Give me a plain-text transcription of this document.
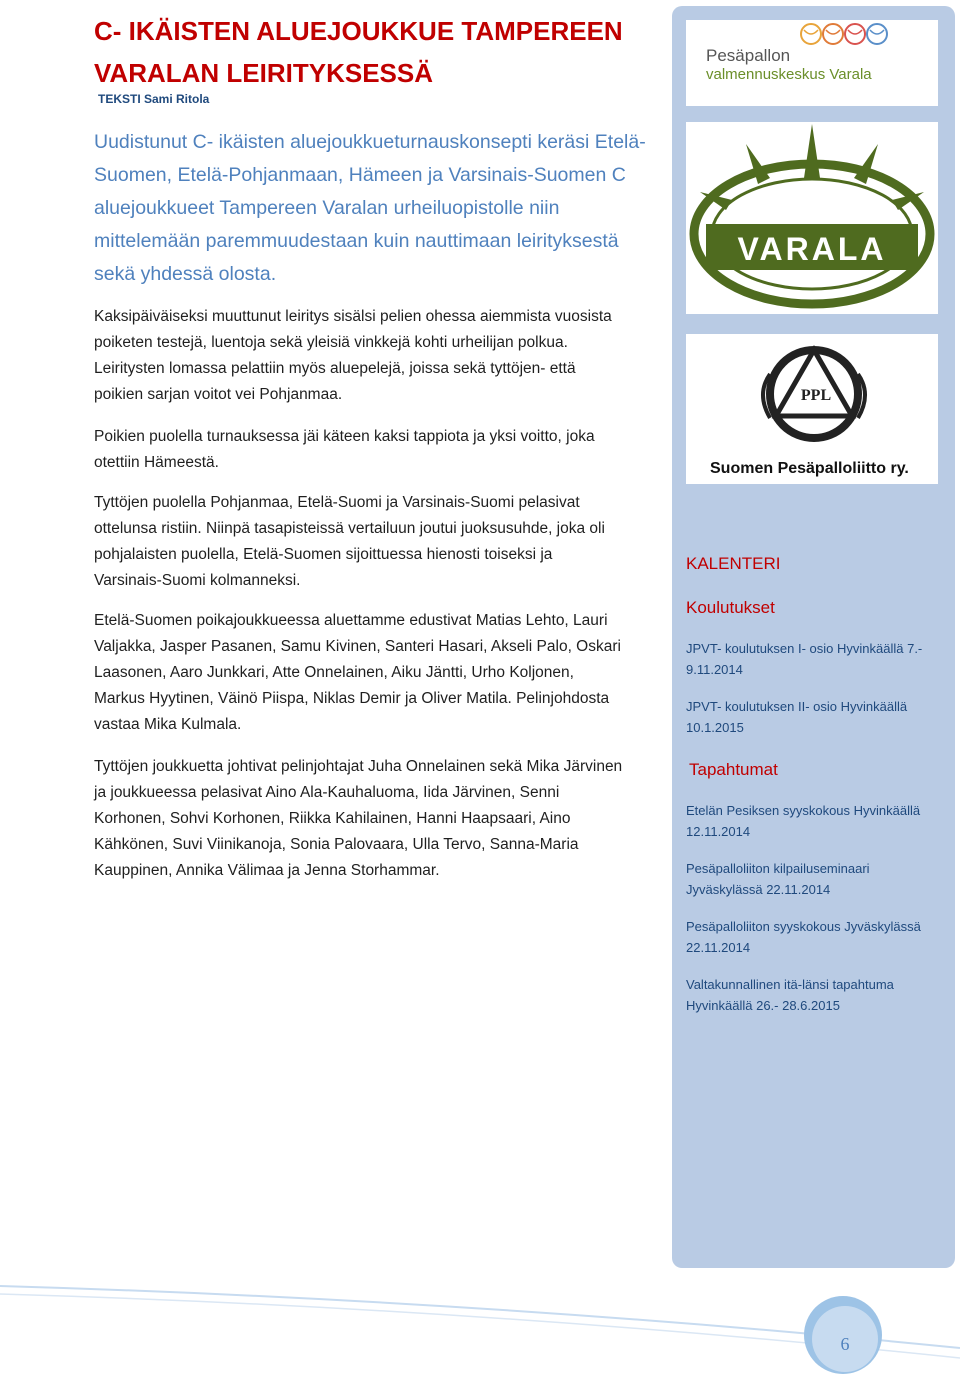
C- IKÄISTEN ALUEJOUKKUE TAMPEREEN VARALAN LEIRITYKSESSÄ

TEKSTI Sami Ritola

Uudistunut C- ikäisten aluejoukkueturnauskonsepti keräsi Etelä-Suomen, Etelä-Pohjanmaan, Hämeen ja Varsinais-Suomen C aluejoukkueet Tampereen Varalan urheiluopistolle niin mittelemään paremmuudestaan kuin nauttimaan leirityksestä sekä yhdessä olosta.

Kaksipäiväiseksi muuttunut leiritys sisälsi pelien ohessa aiemmista vuosista poiketen testejä, luentoja sekä yleisiä vinkkejä kohti urheilijan polkua. Leiritysten lomassa pelattiin myös aluepelejä, joissa sekä tyttöjen- että poikien sarjan voitot vei Pohjanmaa.

Poikien puolella turnauksessa jäi käteen kaksi tappiota ja yksi voitto, joka otettiin Hämeestä.

Tyttöjen puolella Pohjanmaa, Etelä-Suomi ja Varsinais-Suomi pelasivat ottelunsa ristiin. Niinpä tasapisteissä vertailuun joutui juoksusuhde, joka oli pohjalaisten puolella, Etelä-Suomen sijoittuessa hienosti toiseksi ja Varsinais-Suomi kolmanneksi.

Etelä-Suomen poikajoukkueessa aluettamme edustivat Matias Lehto, Lauri Valjakka, Jasper Pasanen, Samu Kivinen, Santeri Hasari, Akseli Palo, Oskari Laasonen, Aaro Junkkari, Atte Onnelainen, Aiku Jäntti, Urho Koljonen, Markus Hyytinen, Väinö Piispa, Niklas Demir ja Oliver Matila. Pelinjohdosta vastaa Mika Kulmala.

Tyttöjen joukkuetta johtivat pelinjohtajat Juha Onnelainen sekä Mika Järvinen ja joukkueessa pelasivat Aino Ala-Kauhaluoma, Iida Järvinen, Senni Korhonen, Sohvi Korhonen, Riikka Kahilainen, Hanni Haapsaari, Aino Kähkönen, Suvi Viinikanoja, Sonia Palovaara, Ulla Tervo, Sanna-Maria Kauppinen, Annika Välimaa ja Jenna Storhammar.

Pesäpallon
valmennuskeskus Varala
VARALA
PPL
Suomen Pesäpalloliitto ry.

KALENTERI

Koulutukset

JPVT- koulutuksen I- osio Hyvinkäällä 7.- 9.11.2014

JPVT- koulutuksen II- osio Hyvinkäällä 10.1.2015

Tapahtumat

Etelän Pesiksen syyskokous Hyvinkäällä 12.11.2014

Pesäpalloliiton kilpailuseminaari Jyväskylässä 22.11.2014

Pesäpalloliiton syyskokous Jyväskylässä 22.11.2014

Valtakunnallinen itä-länsi tapahtuma Hyvinkäällä 26.- 28.6.2015

6
